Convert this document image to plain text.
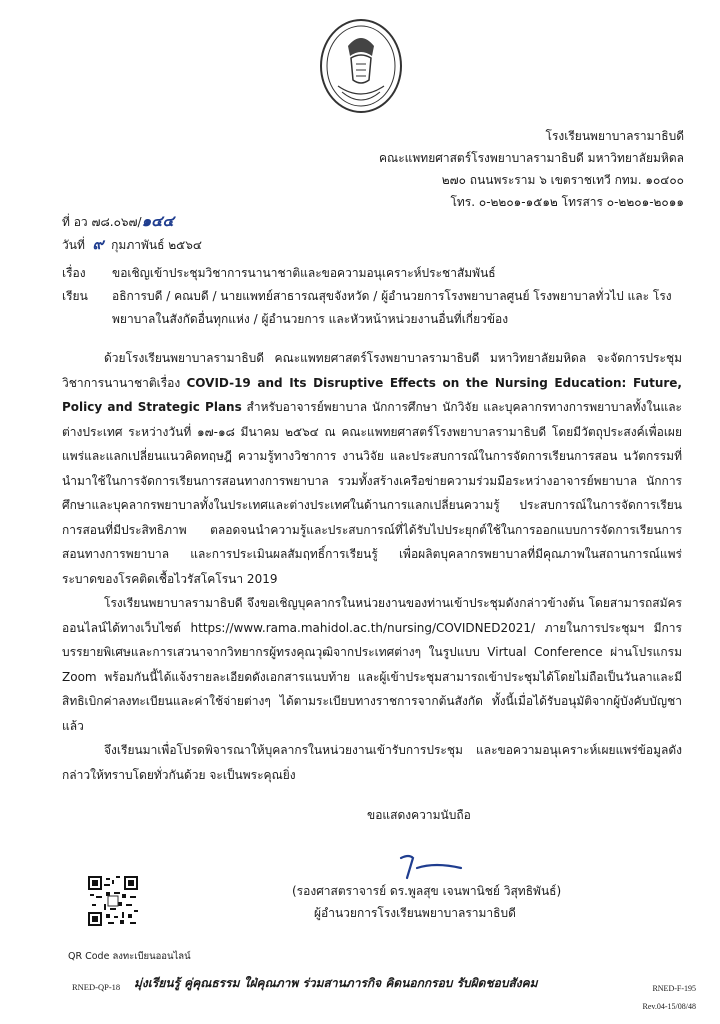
โรงเรียนพยาบาลรามาธิบดี
คณะแพทยศาสตร์โรงพยาบาลรามาธิบดี มหาวิทยาลัยมหิดล
๒๗๐ ถนนพระราม ๖ เขตราชเทวี กทม. ๑๐๔๐๐
โทร. ๐-๒๒๐๑-๑๕๑๒ โทรสาร ๐-๒๒๐๑-๒๐๑๑
ที่ อว ๗๘.๐๖๗/๑๔๔
วันที่ ๙ กุมภาพันธ์ ๒๕๖๔
เรื่อง	ขอเชิญเข้าประชุมวิชาการนานาชาติและขอความอนุเคราะห์ประชาสัมพันธ์
เรียน	อธิการบดี / คณบดี / นายแพทย์สาธารณสุขจังหวัด / ผู้อำนวยการโรงพยาบาลศูนย์ โรงพยาบาลทั่วไป และ โรงพยาบาลในสังกัดอื่นทุกแห่ง / ผู้อำนวยการ และหัวหน้าหน่วยงานอื่นที่เกี่ยวข้อง

ด้วยโรงเรียนพยาบาลรามาธิบดี คณะแพทยศาสตร์โรงพยาบาลรามาธิบดี มหาวิทยาลัยมหิดล จะจัดการประชุมวิชาการนานาชาติเรื่อง COVID-19 and Its Disruptive Effects on the Nursing Education: Future, Policy and Strategic Plans สำหรับอาจารย์พยาบาล นักการศึกษา นักวิจัย และบุคลากรทางการพยาบาลทั้งในและต่างประเทศ ระหว่างวันที่ ๑๗-๑๘ มีนาคม ๒๕๖๔ ณ คณะแพทยศาสตร์โรงพยาบาลรามาธิบดี โดยมีวัตถุประสงค์เพื่อเผยแพร่และแลกเปลี่ยนแนวคิดทฤษฎี ความรู้ทางวิชาการ งานวิจัย และประสบการณ์ในการจัดการเรียนการสอน นวัตกรรมที่นำมาใช้ในการจัดการเรียนการสอนทางการพยาบาล รวมทั้งสร้างเครือข่ายความร่วมมือระหว่างอาจารย์พยาบาล นักการศึกษาและบุคลากรพยาบาลทั้งในประเทศและต่างประเทศในด้านการแลกเปลี่ยนความรู้ ประสบการณ์ในการจัดการเรียนการสอนที่มีประสิทธิภาพ ตลอดจนนำความรู้และประสบการณ์ที่ได้รับไปประยุกต์ใช้ในการออกแบบการจัดการเรียนการสอนทางการพยาบาล และการประเมินผลสัมฤทธิ์การเรียนรู้ เพื่อผลิตบุคลากรพยาบาลที่มีคุณภาพในสถานการณ์แพร่ระบาดของโรคติดเชื้อไวรัสโคโรนา 2019

โรงเรียนพยาบาลรามาธิบดี จึงขอเชิญบุคลากรในหน่วยงานของท่านเข้าประชุมดังกล่าวข้างต้น โดยสามารถสมัครออนไลน์ได้ทางเว็บไซต์ https://www.rama.mahidol.ac.th/nursing/COVIDNED2021/ ภายในการประชุมฯ มีการบรรยายพิเศษและการเสวนาจากวิทยากรผู้ทรงคุณวุฒิจากประเทศต่างๆ ในรูปแบบ Virtual Conference ผ่านโปรแกรม Zoom พร้อมกันนี้ได้แจ้งรายละเอียดดังเอกสารแนบท้าย และผู้เข้าประชุมสามารถเข้าประชุมได้โดยไม่ถือเป็นวันลาและมีสิทธิเบิกค่าลงทะเบียนและค่าใช้จ่ายต่างๆ ได้ตามระเบียบทางราชการจากต้นสังกัด ทั้งนี้เมื่อได้รับอนุมัติจากผู้บังคับบัญชาแล้ว

จึงเรียนมาเพื่อโปรดพิจารณาให้บุคลากรในหน่วยงานเข้ารับการประชุม และขอความอนุเคราะห์เผยแพร่ข้อมูลดังกล่าวให้ทราบโดยทั่วกันด้วย จะเป็นพระคุณยิ่ง

ขอแสดงความนับถือ
(รองศาสตราจารย์ ดร.พูลสุข เจนพานิชย์ วิสุทธิพันธ์)
ผู้อำนวยการโรงเรียนพยาบาลรามาธิบดี
QR Code ลงทะเบียนออนไลน์
RNED-QP-18 มุ่งเรียนรู้ คู่คุณธรรม ใฝ่คุณภาพ ร่วมสานภารกิจ คิดนอกกรอบ รับผิดชอบสังคม	RNED-F-195
Rev.04-15/08/48
